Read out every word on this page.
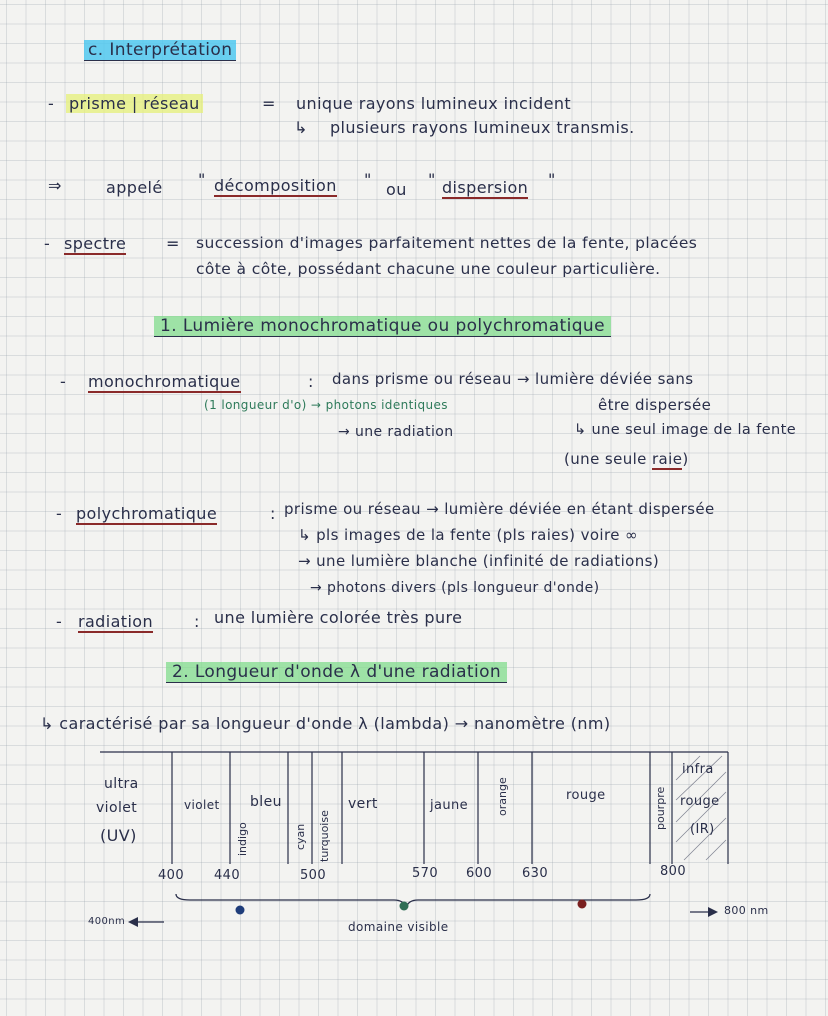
c. Interprétation
- prisme | réseau	= unique rayons lumineux incident
↳ plusieurs rayons lumineux transmis.
⇒	appelé " décomposition "
ou
" dispersion "
- spectre = succession d'images parfaitement nettes de la fente, placées
côte à côte, possédant chacune une couleur particulière.
1. Lumière monochromatique ou polychromatique
- monochromatique	: dans prisme ou réseau → lumière déviée sans
(1 longueur d'o) → photons identiques
→ une radiation
être dispersée
↳ une seul image de la fente
(une seule raie)
- polychromatique	: prisme ou réseau → lumière déviée en étant dispersée
↳ pls images de la fente (pls raies) voire ∞
→ une lumière blanche (infinité de radiations)
→ photons divers (pls longueur d'onde)
- radiation	: une lumière colorée très pure
2. Longueur d'onde λ d'une radiation
↳ caractérisé par sa longueur d'onde λ (lambda) → nanomètre (nm)
ultra
violet
(UV)
violet
indigo
bleu
cyan turquoise
vert	jaune	orange	rouge	pourpre
infra
rouge
(IR)
400 440	500	570 600 630	800
400nm
800 nm
domaine visible
